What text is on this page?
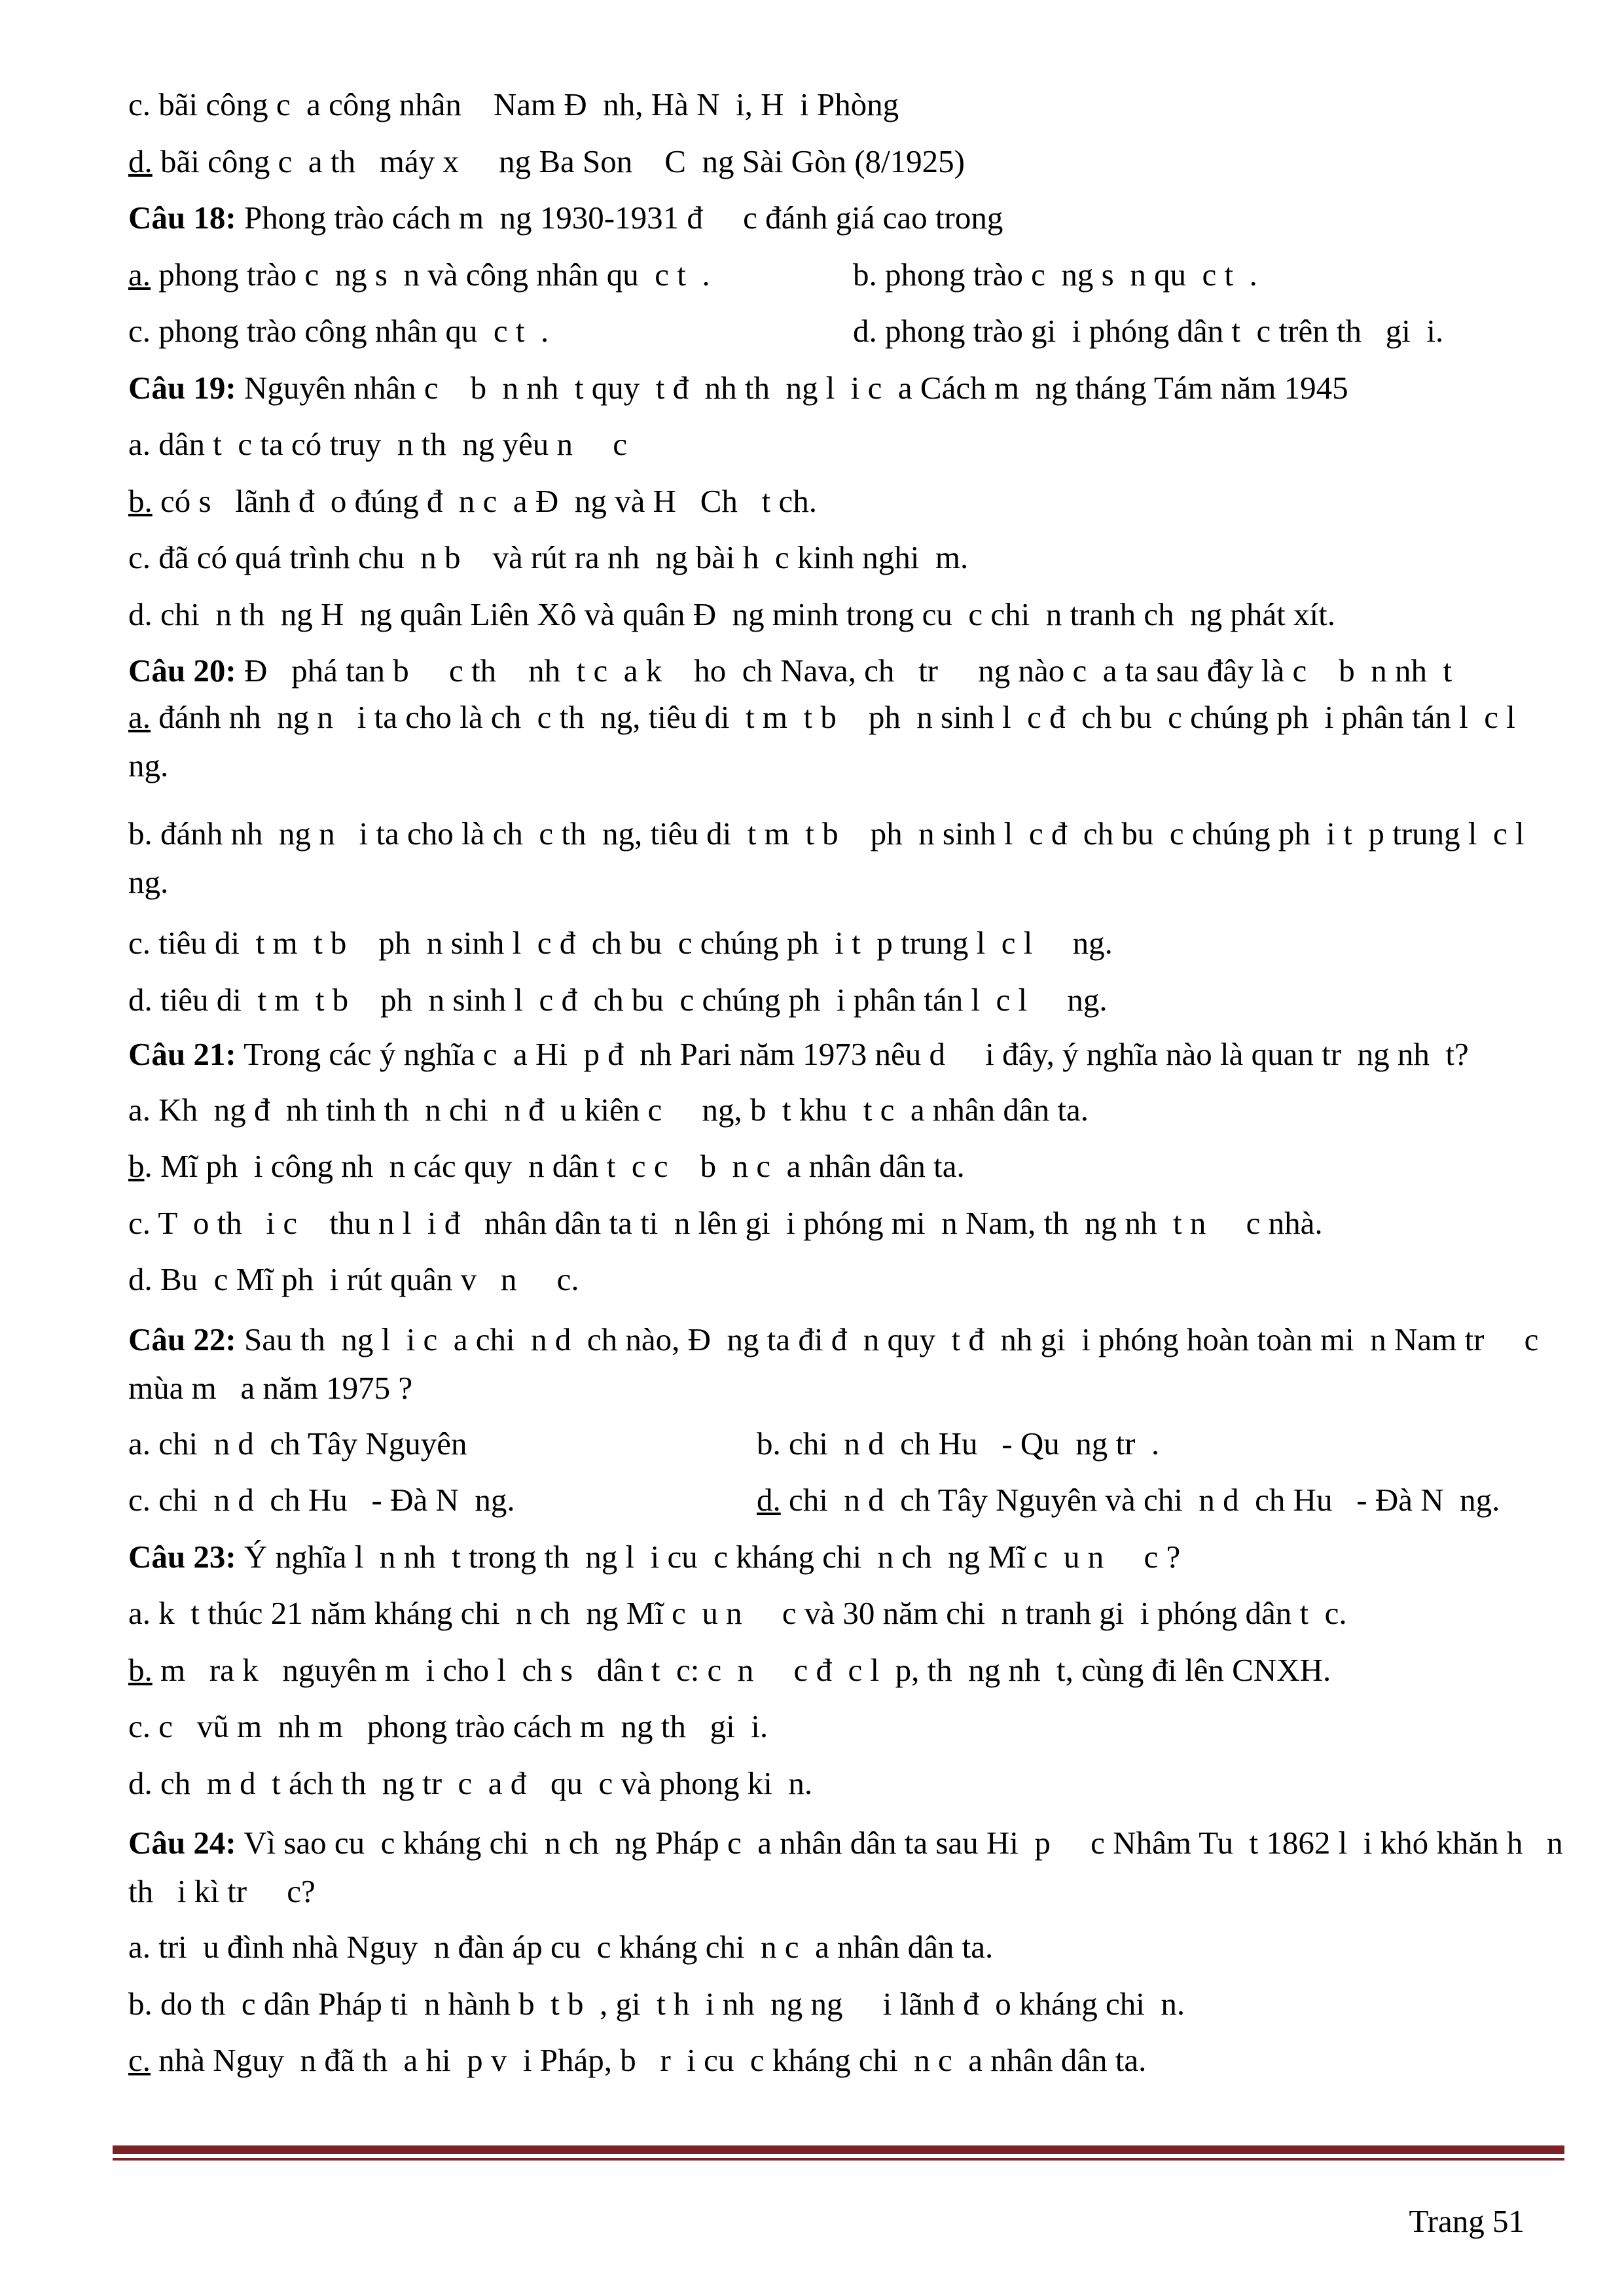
c. bãi công c  a công nhân    Nam Đ  nh, Hà N  i, H  i Phòng
d. bãi công c  a th   máy x     ng Ba Son    C  ng Sài Gòn (8/1925)
Câu 18: Phong trào cách m  ng 1930-1931 đ     c đánh giá cao trong
a. phong trào c  ng s  n và công nhân qu  c t  .	b. phong trào c  ng s  n qu  c t  .
c. phong trào công nhân qu  c t  .	d. phong trào gi  i phóng dân t  c trên th   gi  i.
Câu 19: Nguyên nhân c    b  n nh  t quy  t đ  nh th  ng l  i c  a Cách m  ng tháng Tám năm 1945
a. dân t  c ta có truy  n th  ng yêu n     c
b. có s   lãnh đ  o đúng đ  n c  a Đ  ng và H   Ch   t ch.
c. đã có quá trình chu  n b    và rút ra nh  ng bài h  c kinh nghi  m.
d. chi  n th  ng H  ng quân Liên Xô và quân Đ  ng minh trong cu  c chi  n tranh ch  ng phát xít.
Câu 20: Đ   phá tan b     c th    nh  t c  a k    ho  ch Nava, ch   tr     ng nào c  a ta sau đây là c    b  n nh  t
a. đánh nh  ng n   i ta cho là ch  c th  ng, tiêu di  t m  t b    ph  n sinh l  c đ  ch bu  c chúng ph  i phân tán l  c l     ng.
b. đánh nh  ng n   i ta cho là ch  c th  ng, tiêu di  t m  t b    ph  n sinh l  c đ  ch bu  c chúng ph  i t  p trung l  c l     ng.
c. tiêu di  t m  t b    ph  n sinh l  c đ  ch bu  c chúng ph  i t  p trung l  c l     ng.
d. tiêu di  t m  t b    ph  n sinh l  c đ  ch bu  c chúng ph  i phân tán l  c l     ng.
Câu 21: Trong các ý nghĩa c  a Hi  p đ  nh Pari năm 1973 nêu d     i đây, ý nghĩa nào là quan tr  ng nh  t?
a. Kh  ng đ  nh tinh th  n chi  n đ  u kiên c     ng, b  t khu  t c  a nhân dân ta.
b. Mĩ ph  i công nh  n các quy  n dân t  c c    b  n c  a nhân dân ta.
c. T  o th   i c    thu n l  i đ   nhân dân ta ti  n lên gi  i phóng mi  n Nam, th  ng nh  t n     c nhà.
d. Bu  c Mĩ ph  i rút quân v   n     c.
Câu 22: Sau th  ng l  i c  a chi  n d  ch nào, Đ  ng ta đi đ  n quy  t đ  nh gi  i phóng hoàn toàn mi  n Nam tr     c mùa m   a năm 1975 ?
a. chi  n d  ch Tây Nguyên	b. chi  n d  ch Hu   - Qu  ng tr  .
c. chi  n d  ch Hu   - Đà N  ng.	d. chi  n d  ch Tây Nguyên và chi  n d  ch Hu   - Đà N  ng.
Câu 23: Ý nghĩa l  n nh  t trong th  ng l  i cu  c kháng chi  n ch  ng Mĩ c  u n     c ?
a. k  t thúc 21 năm kháng chi  n ch  ng Mĩ c  u n     c và 30 năm chi  n tranh gi  i phóng dân t  c.
b. m   ra k   nguyên m  i cho l  ch s   dân t  c: c  n     c đ  c l  p, th  ng nh  t, cùng đi lên CNXH.
c. c   vũ m  nh m   phong trào cách m  ng th   gi  i.
d. ch  m d  t ách th  ng tr  c  a đ   qu  c và phong ki  n.
Câu 24: Vì sao cu  c kháng chi  n ch  ng Pháp c  a nhân dân ta sau Hi  p     c Nhâm Tu  t 1862 l  i khó khăn h   n th   i kì tr     c?
a. tri  u đình nhà Nguy  n đàn áp cu  c kháng chi  n c  a nhân dân ta.
b. do th  c dân Pháp ti  n hành b  t b  , gi  t h  i nh  ng ng     i lãnh đ  o kháng chi  n.
c. nhà Nguy  n đã th  a hi  p v  i Pháp, b   r  i cu  c kháng chi  n c  a nhân dân ta.
Trang 51
